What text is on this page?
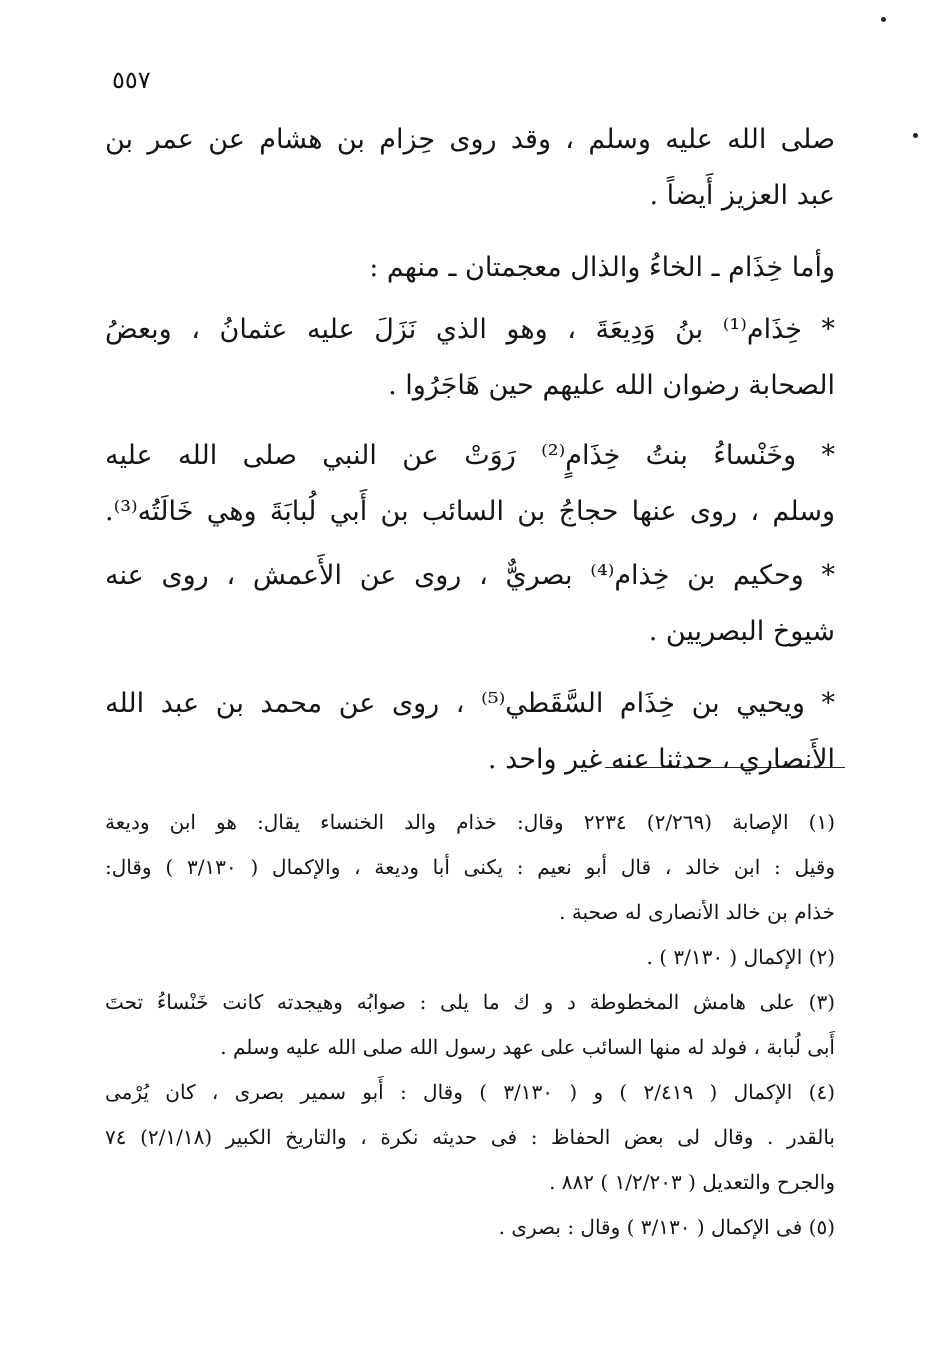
٥٥٧
صلى الله عليه وسلم ، وقد روى حِزام بن هشام عن عمر بن
عبد العزيز أَيضاً .
وأما خِذَام ـ الخاءُ والذال معجمتان ـ منهم :
* خِذَام⁽¹⁾ بنُ وَدِيعَةَ ، وهو الذي نَزَلَ عليه عثمانُ ، وبعضُ
الصحابة رضوان الله عليهم حين هَاجَرُوا .
* وخَنْساءُ بنتُ خِذَامٍ⁽²⁾ رَوَتْ عن النبي صلى الله عليه
وسلم ، روى عنها حجاجُ بن السائب بن أَبي لُبابَةَ وهي خَالَتُه⁽³⁾.
* وحكيم بن خِذام⁽⁴⁾ بصريٌّ ، روى عن الأَعمش ، روى عنه
شيوخ البصريين .
* ويحيي بن خِذَام السَّقَطي⁽⁵⁾ ، روى عن محمد بن عبد الله
الأَنصاري ، حدثنا عنه غير واحد .
(١) الإصابة (٢/٢٦٩) ٢٢٣٤ وقال: خذام والد الخنساء يقال: هو ابن وديعة
وقيل : ابن خالد ، قال أبو نعيم : يكنى أبا وديعة ، والإكمال ( ٣/١٣٠ ) وقال:
خذام بن خالد الأنصارى له صحبة .
(٢) الإكمال ( ٣/١٣٠ ) .
(٣) على هامش المخطوطة د و ك ما يلى : صوابُه وهيجدته كانت خَنْساءُ تحتَ
أَبى لُبابة ، فولد له منها السائب على عهد رسول الله صلى الله عليه وسلم .
(٤) الإكمال ( ٢/٤١٩ ) و ( ٣/١٣٠ ) وقال : أَبو سمير بصرى ، كان يُرْمى
بالقدر . وقال لى بعض الحفاظ : فى حديثه نكرة ، والتاريخ الكبير (٢/١/١٨) ٧٤
والجرح والتعديل ( ١/٢/٢٠٣ ) ٨٨٢ .
(٥) فى الإكمال ( ٣/١٣٠ ) وقال : بصرى .
